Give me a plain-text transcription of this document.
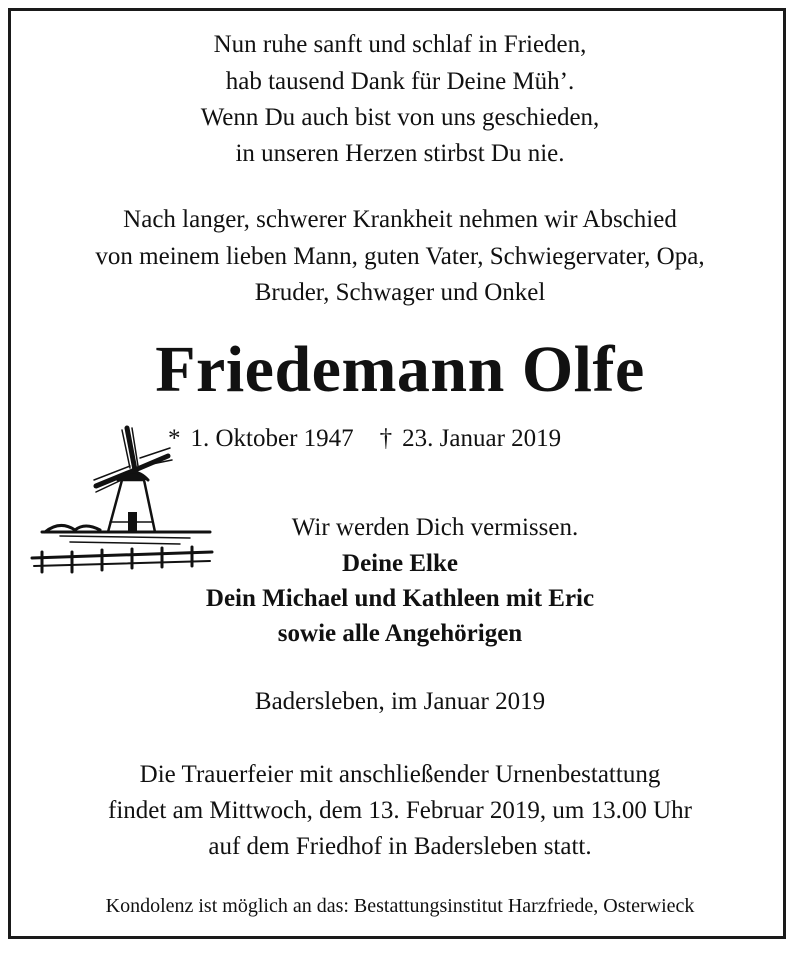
Nun ruhe sanft und schlaf in Frieden,
hab tausend Dank für Deine Müh’.
Wenn Du auch bist von uns geschieden,
in unseren Herzen stirbst Du nie.
Nach langer, schwerer Krankheit nehmen wir Abschied
von meinem lieben Mann, guten Vater, Schwiegervater, Opa,
Bruder, Schwager und Onkel
Friedemann Olfe
* 1. Oktober 1947 † 23. Januar 2019
Wir werden Dich vermissen.
Deine Elke
Dein Michael und Kathleen mit Eric
sowie alle Angehörigen
Badersleben, im Januar 2019
Die Trauerfeier mit anschließender Urnenbestattung
findet am Mittwoch, dem 13. Februar 2019, um 13.00 Uhr
auf dem Friedhof in Badersleben statt.
Kondolenz ist möglich an das: Bestattungsinstitut Harzfriede, Osterwieck
